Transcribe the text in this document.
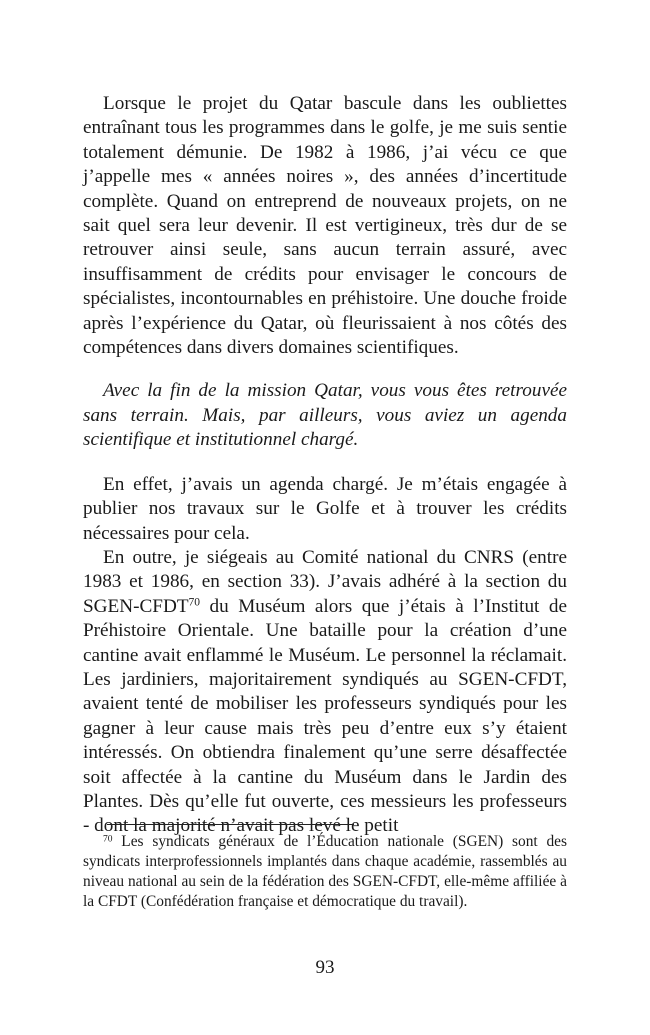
Lorsque le projet du Qatar bascule dans les oubliettes entraînant tous les programmes dans le golfe, je me suis sentie totalement démunie. De 1982 à 1986, j’ai vécu ce que j’appelle mes « années noires », des années d’incertitude complète. Quand on entreprend de nouveaux projets, on ne sait quel sera leur devenir. Il est vertigineux, très dur de se retrouver ainsi seule, sans aucun terrain assuré, avec insuffisamment de crédits pour envisager le concours de spécialistes, incontournables en préhistoire. Une douche froide après l’expérience du Qatar, où fleurissaient à nos côtés des compétences dans divers domaines scientifiques.

Avec la fin de la mission Qatar, vous vous êtes retrouvée sans terrain. Mais, par ailleurs, vous aviez un agenda scientifique et institutionnel chargé.

En effet, j’avais un agenda chargé. Je m’étais engagée à publier nos travaux sur le Golfe et à trouver les crédits nécessaires pour cela.

En outre, je siégeais au Comité national du CNRS (entre 1983 et 1986, en section 33). J’avais adhéré à la section du SGEN-CFDT$^{70}$ du Muséum alors que j’étais à l’Institut de Préhistoire Orientale. Une bataille pour la création d’une cantine avait enflammé le Muséum. Le personnel la réclamait. Les jardiniers, majoritairement syndiqués au SGEN-CFDT, avaient tenté de mobiliser les professeurs syndiqués pour les gagner à leur cause mais très peu d’entre eux s’y étaient intéressés. On obtiendra finalement qu’une serre désaffectée soit affectée à la cantine du Muséum dans le Jardin des Plantes. Dès qu’elle fut ouverte, ces messieurs les professeurs - dont la majorité n’avait pas levé le petit

$^{70}$ Les syndicats généraux de l’Éducation nationale (SGEN) sont des syndicats interprofessionnels implantés dans chaque académie, rassemblés au niveau national au sein de la fédération des SGEN-CFDT, elle-même affiliée à la CFDT (Confédération française et démocratique du travail).

93
